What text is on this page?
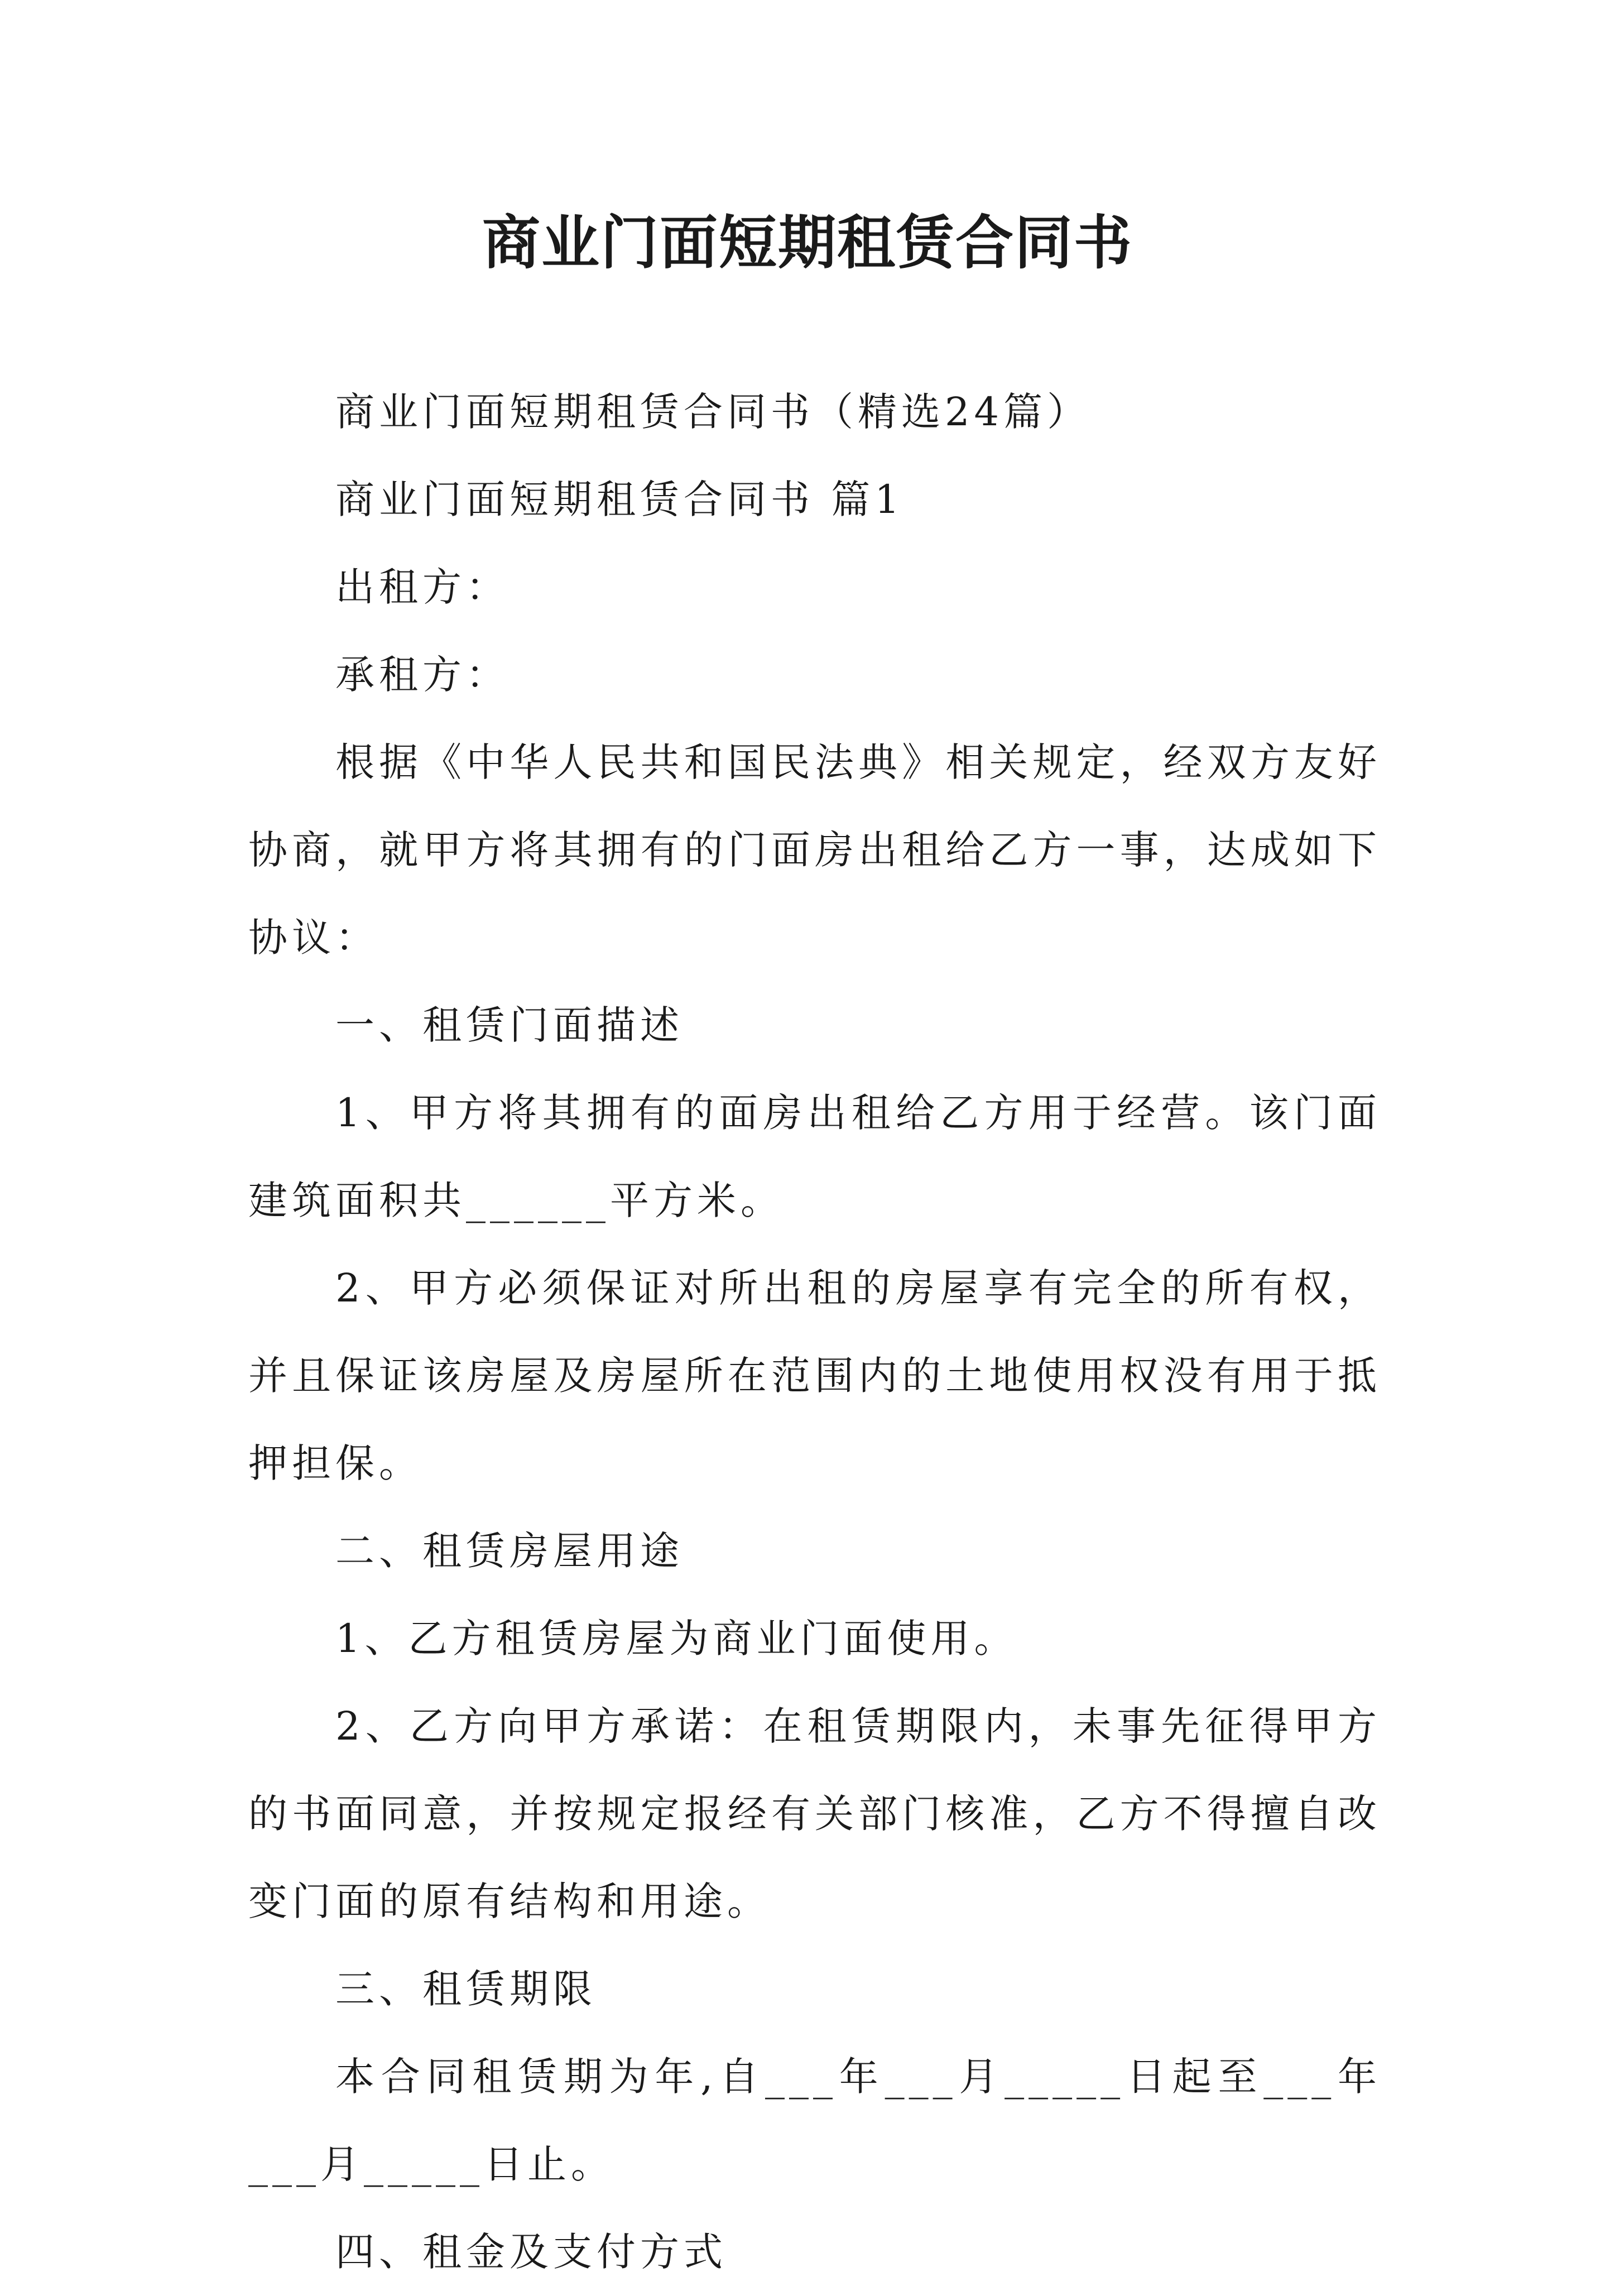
商业门面短期租赁合同书

商业门面短期租赁合同书（精选24篇）

商业门面短期租赁合同书 篇1

出租方：

承租方：

根据《中华人民共和国民法典》相关规定，经双方友好协商，就甲方将其拥有的门面房出租给乙方一事，达成如下协议：

一、租赁门面描述

1、甲方将其拥有的面房出租给乙方用于经营。该门面建筑面积共______平方米。

2、甲方必须保证对所出租的房屋享有完全的所有权，并且保证该房屋及房屋所在范围内的土地使用权没有用于抵押担保。

二、租赁房屋用途

1、乙方租赁房屋为商业门面使用。

2、乙方向甲方承诺：在租赁期限内，未事先征得甲方的书面同意，并按规定报经有关部门核准，乙方不得擅自改变门面的原有结构和用途。

三、租赁期限

本合同租赁期为年,自___年___月_____日起至___年___月_____日止。

四、租金及支付方式
